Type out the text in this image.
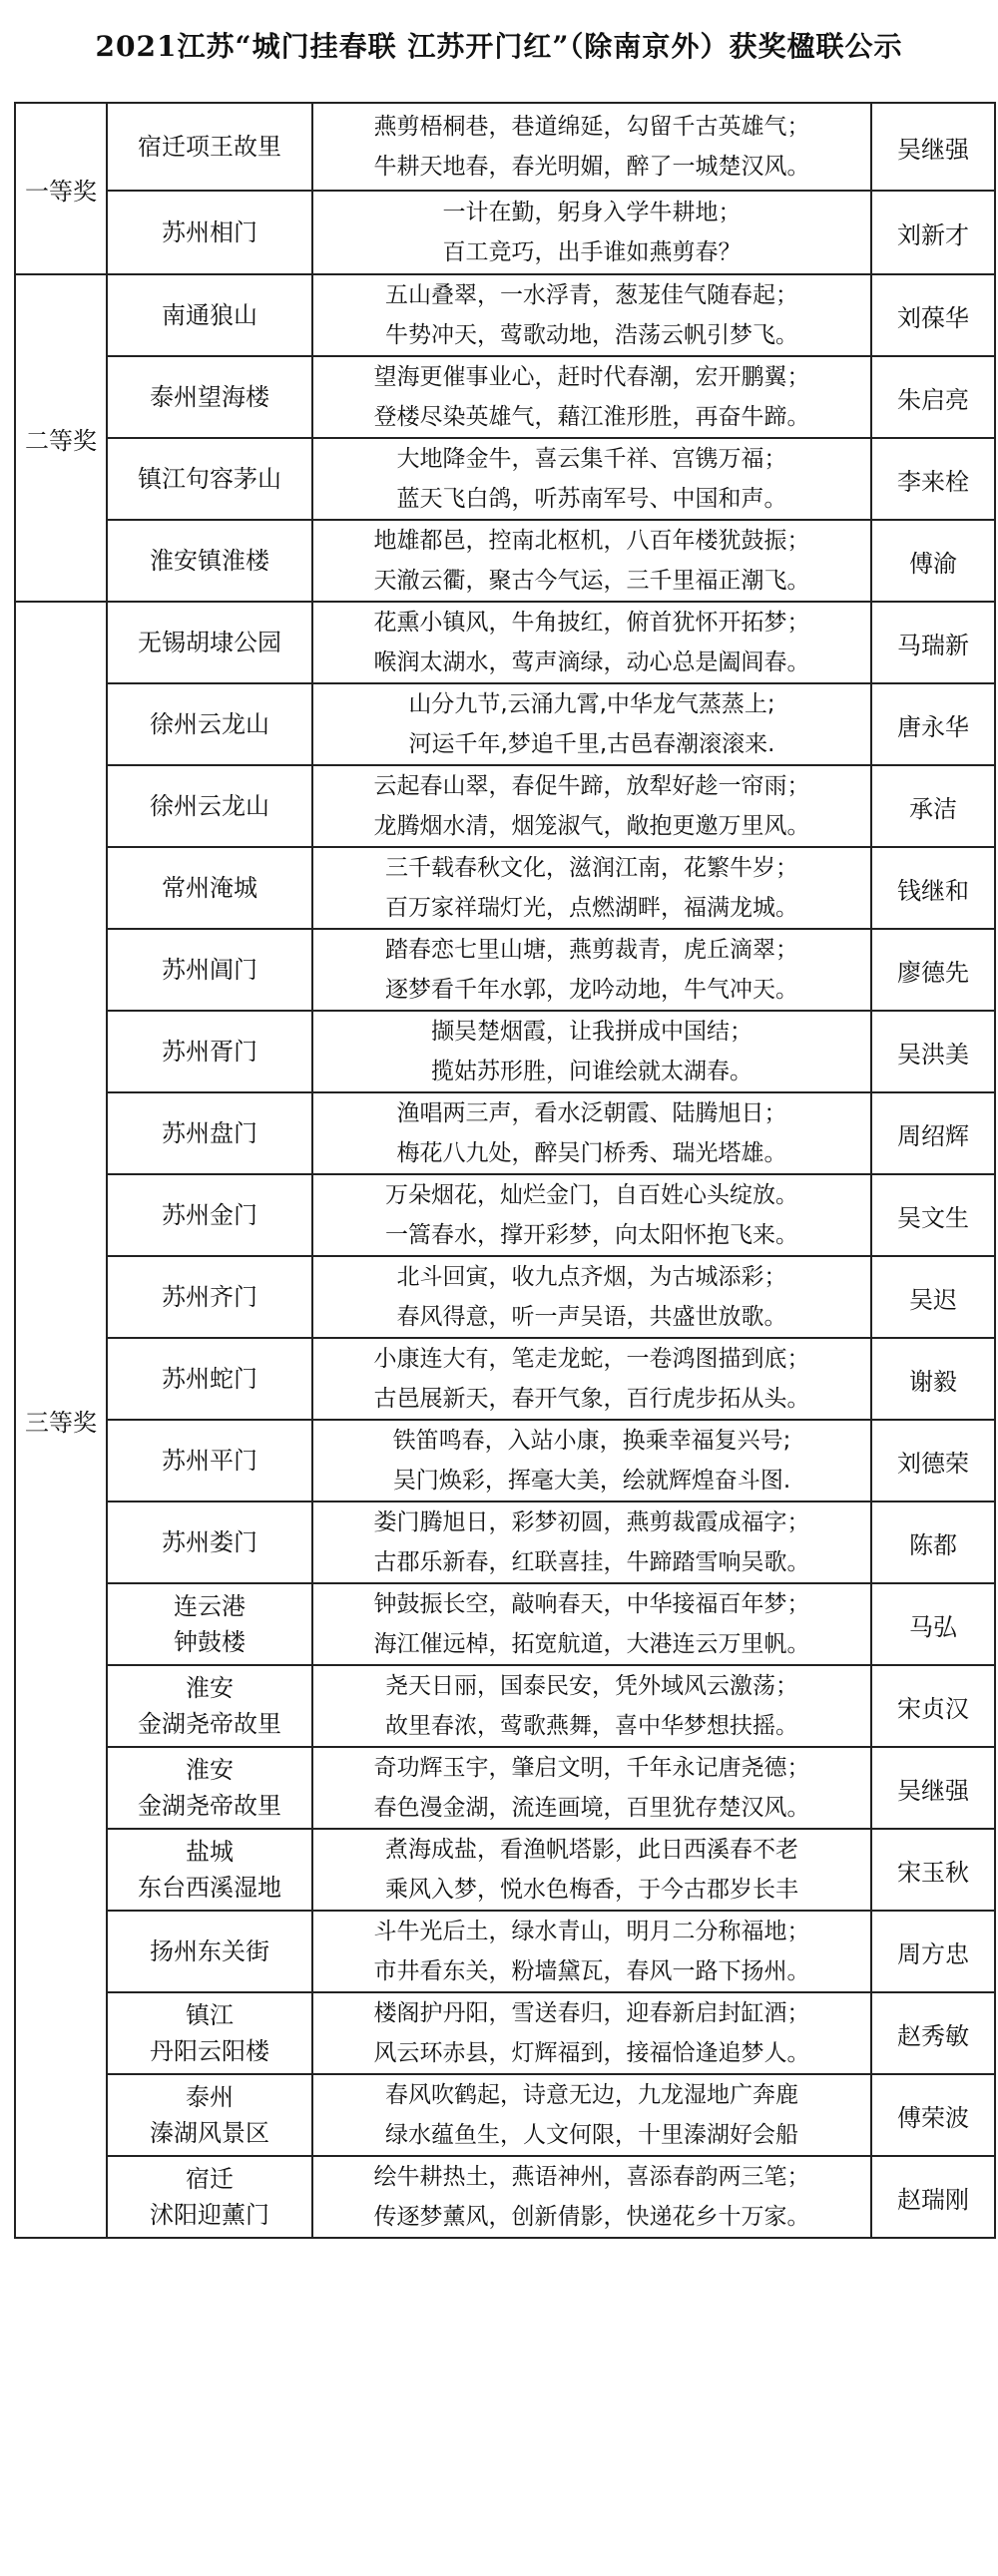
2021江苏“城门挂春联 江苏开门红”（除南京外）获奖楹联公示
一等奖	宿迁项王故里	燕剪梧桐巷，巷道绵延，勾留千古英雄气；
牛耕天地春，春光明媚，醉了一城楚汉风。	吴继强

	苏州相门	一计在勤，躬身入学牛耕地；
百工竞巧，出手谁如燕剪春？	刘新才
二等奖	南通狼山	五山叠翠，一水浮青，葱茏佳气随春起；
牛势冲天，莺歌动地，浩荡云帆引梦飞。	刘葆华

	泰州望海楼	望海更催事业心，赶时代春潮，宏开鹏翼；
登楼尽染英雄气，藉江淮形胜，再奋牛蹄。	朱启亮

	镇江句容茅山	大地降金牛，喜云集千祥、宫镌万福；
蓝天飞白鸽，听苏南军号、中国和声。	李来栓

	淮安镇淮楼	地雄都邑，控南北枢机，八百年楼犹鼓振；
天澈云衢，聚古今气运，三千里福正潮飞。	傅渝
三等奖	无锡胡埭公园	花熏小镇风，牛角披红，俯首犹怀开拓梦；
喉润太湖水，莺声滴绿，动心总是阖闾春。	马瑞新

	徐州云龙山	山分九节,云涌九霄,中华龙气蒸蒸上;
河运千年,梦追千里,古邑春潮滚滚来.	唐永华

	徐州云龙山	云起春山翠，春促牛蹄，放犁好趁一帘雨；
龙腾烟水清，烟笼淑气，敞抱更邀万里风。	承洁

	常州淹城	三千载春秋文化，滋润江南，花繁牛岁；
百万家祥瑞灯光，点燃湖畔，福满龙城。	钱继和

	苏州阊门	踏春恋七里山塘，燕剪裁青，虎丘滴翠；
逐梦看千年水郭，龙吟动地，牛气冲天。	廖德先

	苏州胥门	撷吴楚烟霞，让我拼成中国结；
揽姑苏形胜，问谁绘就太湖春。	吴洪美

	苏州盘门	渔唱两三声，看水泛朝霞、陆腾旭日；
梅花八九处，醉吴门桥秀、瑞光塔雄。	周绍辉

	苏州金门	万朵烟花，灿烂金门，自百姓心头绽放。
一篙春水，撑开彩梦，向太阳怀抱飞来。	吴文生

	苏州齐门	北斗回寅，收九点齐烟，为古城添彩；
春风得意，听一声吴语，共盛世放歌。	吴迟

	苏州蛇门	小康连大有，笔走龙蛇，一卷鸿图描到底；
古邑展新天，春开气象，百行虎步拓从头。	谢毅

	苏州平门	铁笛鸣春，入站小康，换乘幸福复兴号;
吴门焕彩，挥毫大美，绘就辉煌奋斗图.	刘德荣

	苏州娄门	娄门腾旭日，彩梦初圆，燕剪裁霞成福字；
古郡乐新春，红联喜挂，牛蹄踏雪响吴歌。	陈都

	连云港
钟鼓楼	钟鼓振长空，敲响春天，中华接福百年梦；
海江催远棹，拓宽航道，大港连云万里帆。	马弘

	淮安
金湖尧帝故里	尧天日丽，国泰民安，凭外域风云激荡；
故里春浓，莺歌燕舞，喜中华梦想扶摇。	宋贞汉

	淮安
金湖尧帝故里	奇功辉玉宇，肇启文明，千年永记唐尧德；
春色漫金湖，流连画境，百里犹存楚汉风。	吴继强

	盐城
东台西溪湿地	煮海成盐，看渔帆塔影，此日西溪春不老
乘风入梦，悦水色梅香，于今古郡岁长丰	宋玉秋

	扬州东关街	斗牛光后土，绿水青山，明月二分称福地；
市井看东关，粉墙黛瓦，春风一路下扬州。	周方忠

	镇江
丹阳云阳楼	楼阁护丹阳，雪送春归，迎春新启封缸酒；
风云环赤县，灯辉福到，接福恰逢追梦人。	赵秀敏

	泰州
溱湖风景区	春风吹鹤起，诗意无边，九龙湿地广奔鹿
绿水蕴鱼生，人文何限，十里溱湖好会船	傅荣波

	宿迁
沭阳迎薰门	绘牛耕热土，燕语神州，喜添春韵两三笔；
传逐梦薰风，创新倩影，快递花乡十万家。	赵瑞刚
